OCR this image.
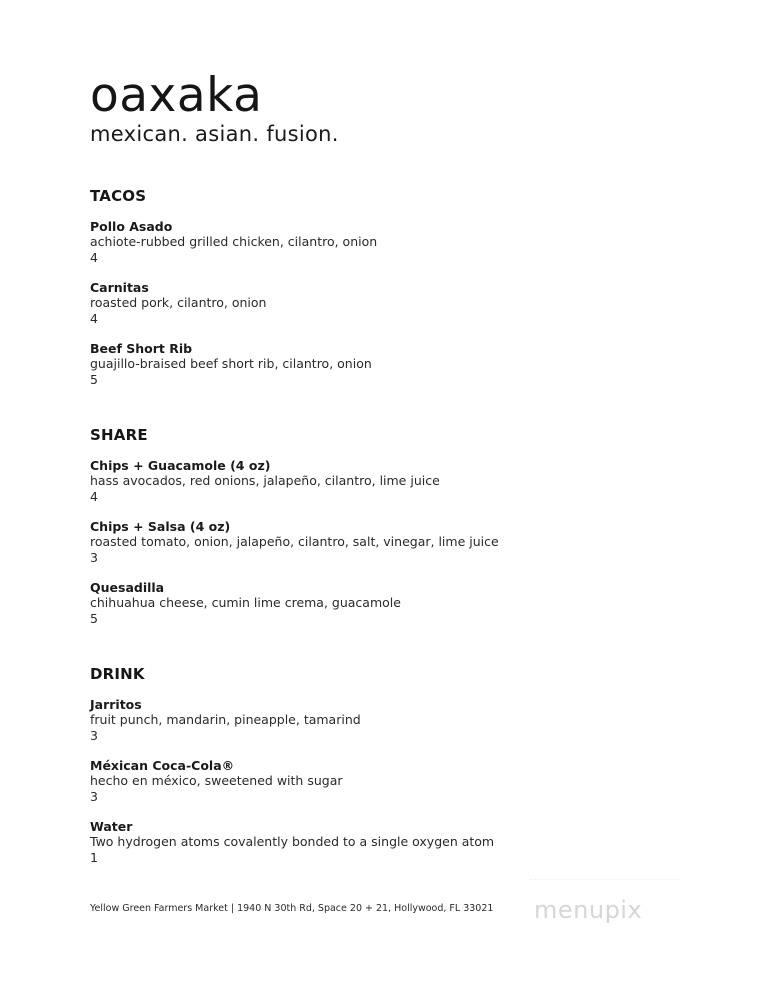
oaxaka
mexican. asian. fusion.
TACOS
Pollo Asado
achiote-rubbed grilled chicken, cilantro, onion
4
Carnitas
roasted pork, cilantro, onion
4
Beef Short Rib
guajillo-braised beef short rib, cilantro, onion
5
SHARE
Chips + Guacamole (4 oz)
hass avocados, red onions, jalapeño, cilantro, lime juice
4
Chips + Salsa (4 oz)
roasted tomato, onion, jalapeño, cilantro, salt, vinegar, lime juice
3
Quesadilla
chihuahua cheese, cumin lime crema, guacamole
5
DRINK
Jarritos
fruit punch, mandarin, pineapple, tamarind
3
Méxican Coca-Cola®
hecho en méxico, sweetened with sugar
3
Water
Two hydrogen atoms covalently bonded to a single oxygen atom
1
Yellow Green Farmers Market | 1940 N 30th Rd, Space 20 + 21, Hollywood, FL 33021 menupix
